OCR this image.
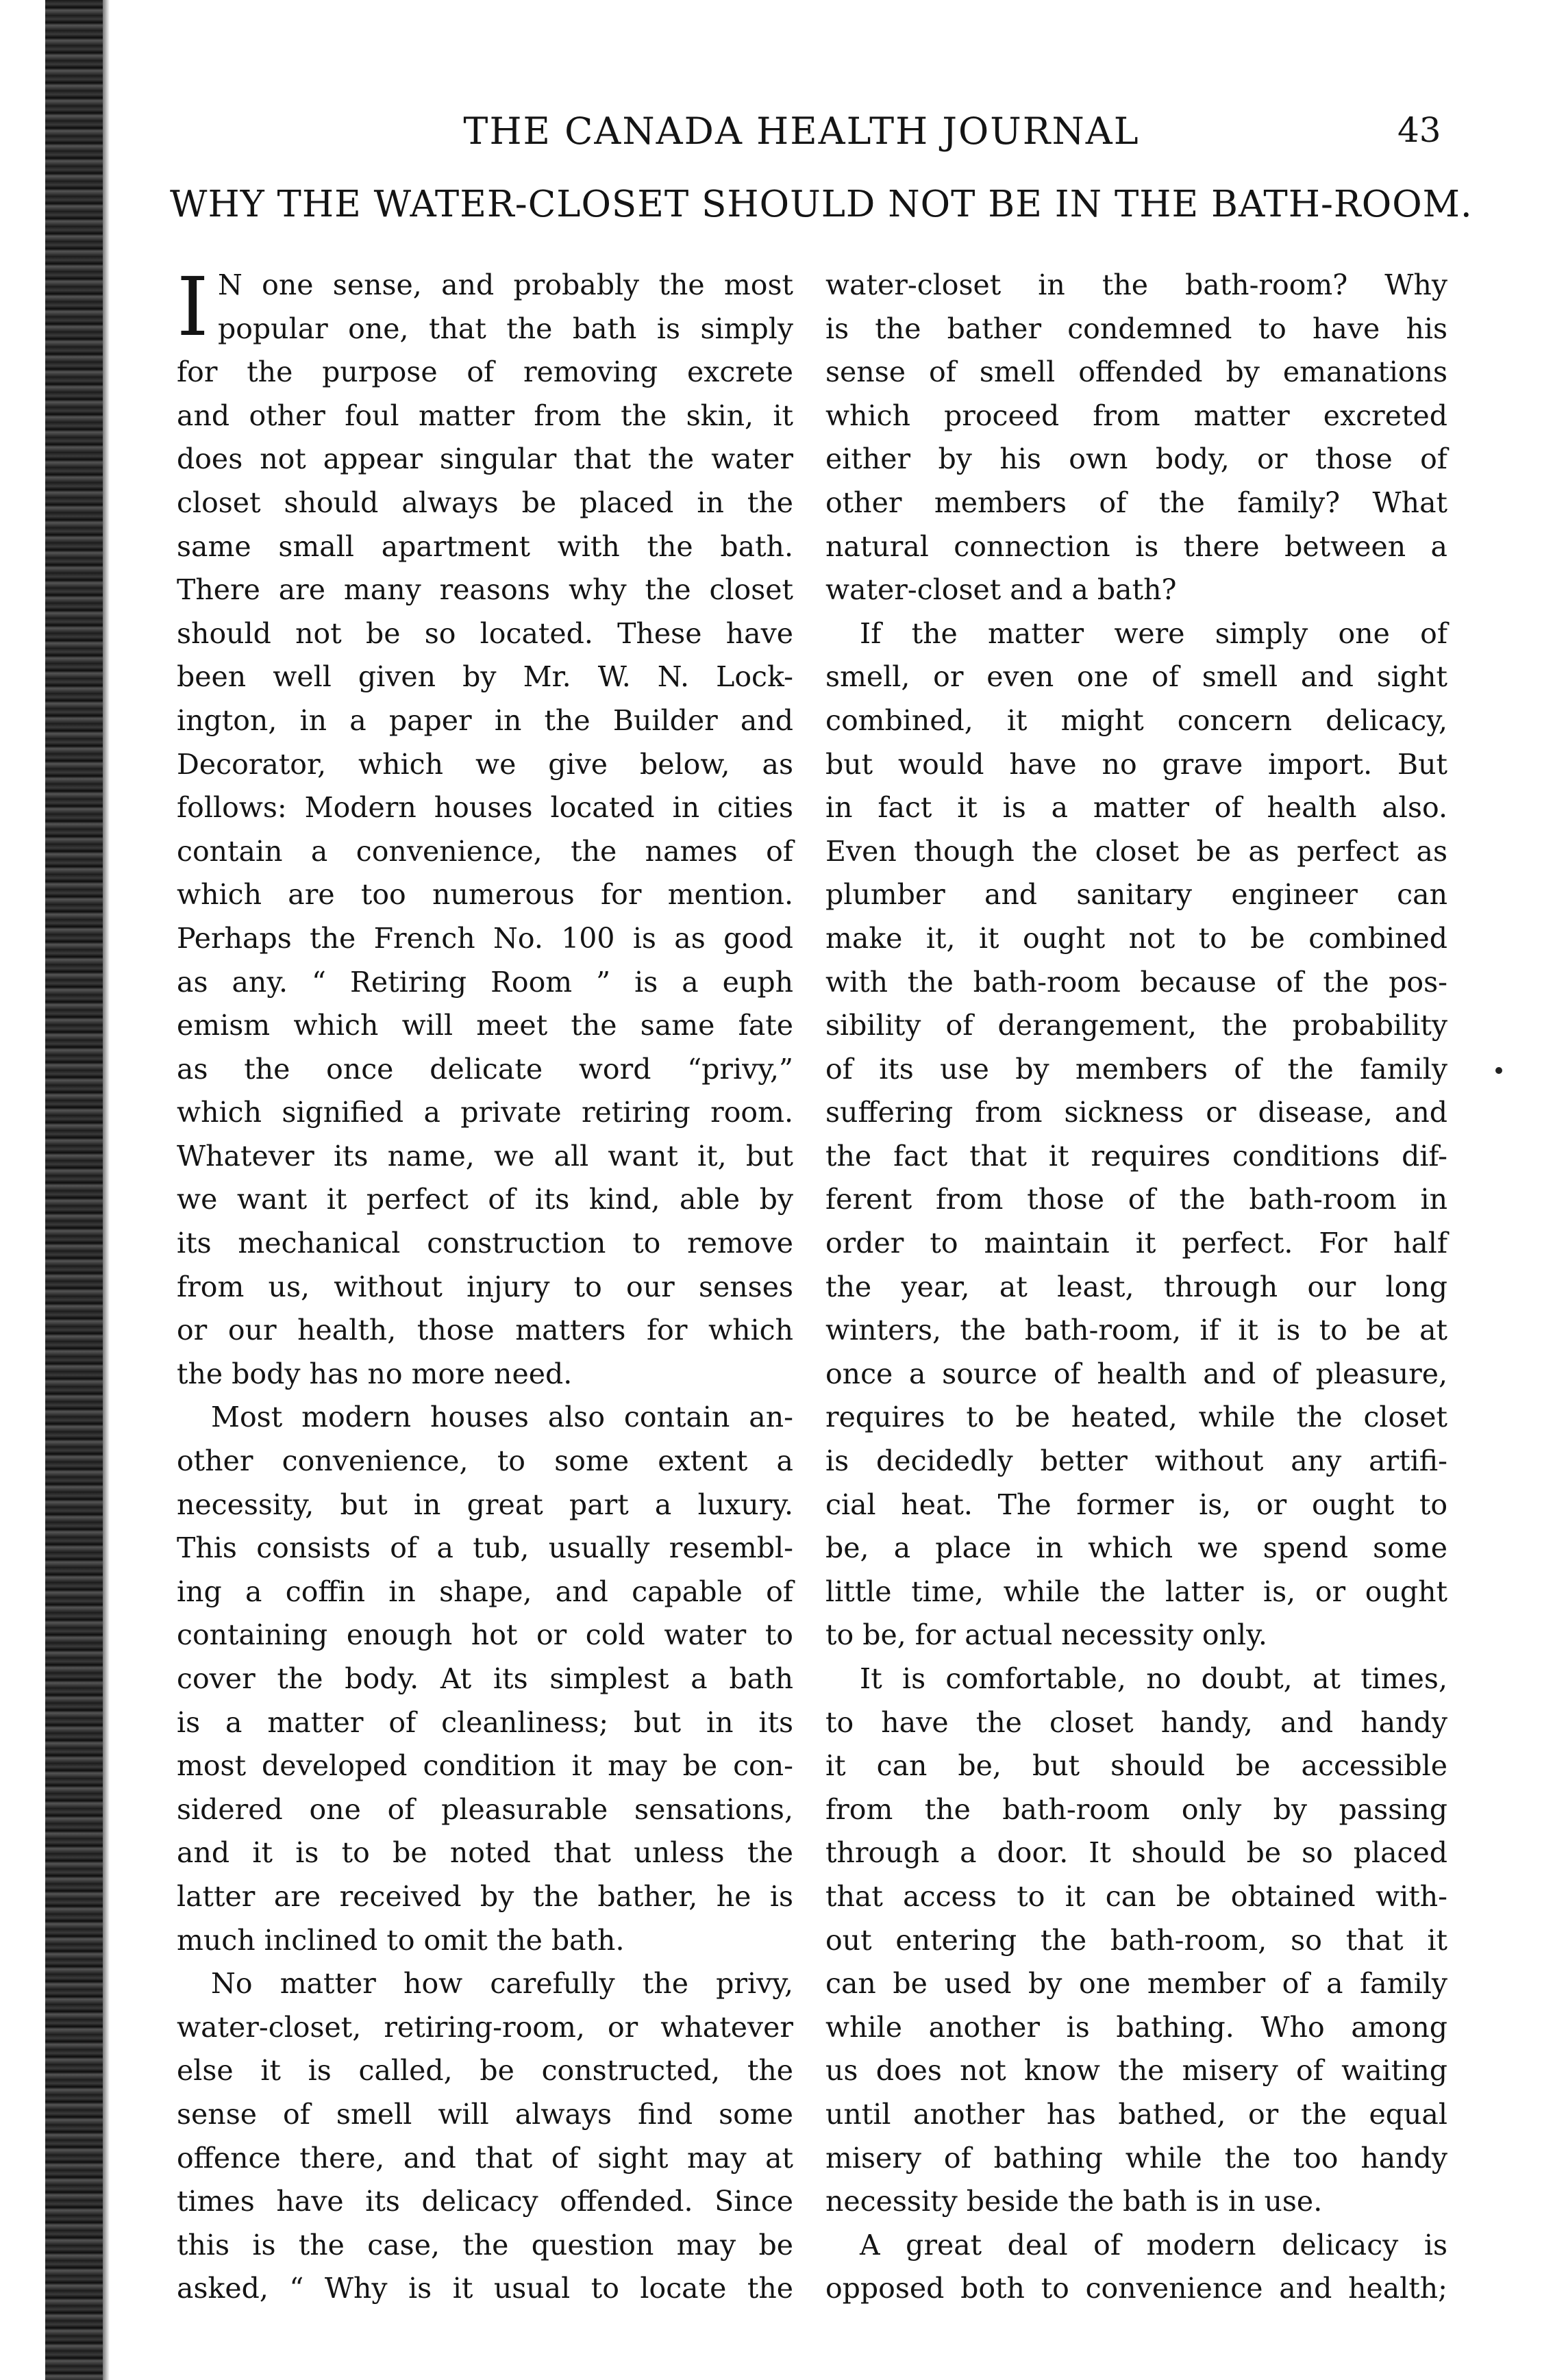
THE CANADA HEALTH JOURNAL	43
WHY THE WATER-CLOSET SHOULD NOT BE IN THE BATH-ROOM.
I N one sense, and probably the most
popular one, that the bath is simply
for the purpose of removing excrete
and other foul matter from the skin, it
does not appear singular that the water
closet should always be placed in the
same small apartment with the bath.
There are many reasons why the closet
should not be so located. These have
been well given by Mr. W. N. Lock-
ington, in a paper in the Builder and
Decorator, which we give below, as
follows: Modern houses located in cities
contain a convenience, the names of
which are too numerous for mention.
Perhaps the French No. 100 is as good
as any. “ Retiring Room ” is a euph
emism which will meet the same fate
as the once delicate word “privy,”
which signified a private retiring room.
Whatever its name, we all want it, but
we want it perfect of its kind, able by
its mechanical construction to remove
from us, without injury to our senses
or our health, those matters for which
the body has no more need.
Most modern houses also contain an-
other convenience, to some extent a
necessity, but in great part a luxury.
This consists of a tub, usually resembl-
ing a coffin in shape, and capable of
containing enough hot or cold water to
cover the body. At its simplest a bath
is a matter of cleanliness; but in its
most developed condition it may be con-
sidered one of pleasurable sensations,
and it is to be noted that unless the
latter are received by the bather, he is
much inclined to omit the bath.
No matter how carefully the privy,
water-closet, retiring-room, or whatever
else it is called, be constructed, the
sense of smell will always find some
offence there, and that of sight may at
times have its delicacy offended. Since
this is the case, the question may be
asked, “ Why is it usual to locate the
water-closet in the bath-room? Why
is the bather condemned to have his
sense of smell offended by emanations
which proceed from matter excreted
either by his own body, or those of
other members of the family? What
natural connection is there between a
water-closet and a bath?
If the matter were simply one of
smell, or even one of smell and sight
combined, it might concern delicacy,
but would have no grave import. But
in fact it is a matter of health also.
Even though the closet be as perfect as
plumber and sanitary engineer can
make it, it ought not to be combined
with the bath-room because of the pos-
sibility of derangement, the probability
of its use by members of the family
suffering from sickness or disease, and
the fact that it requires conditions dif-
ferent from those of the bath-room in
order to maintain it perfect. For half
the year, at least, through our long
winters, the bath-room, if it is to be at
once a source of health and of pleasure,
requires to be heated, while the closet
is decidedly better without any artifi-
cial heat. The former is, or ought to
be, a place in which we spend some
little time, while the latter is, or ought
to be, for actual necessity only.
It is comfortable, no doubt, at times,
to have the closet handy, and handy
it can be, but should be accessible
from the bath-room only by passing
through a door. It should be so placed
that access to it can be obtained with-
out entering the bath-room, so that it
can be used by one member of a family
while another is bathing. Who among
us does not know the misery of waiting
until another has bathed, or the equal
misery of bathing while the too handy
necessity beside the bath is in use.
A great deal of modern delicacy is
opposed both to convenience and health;
